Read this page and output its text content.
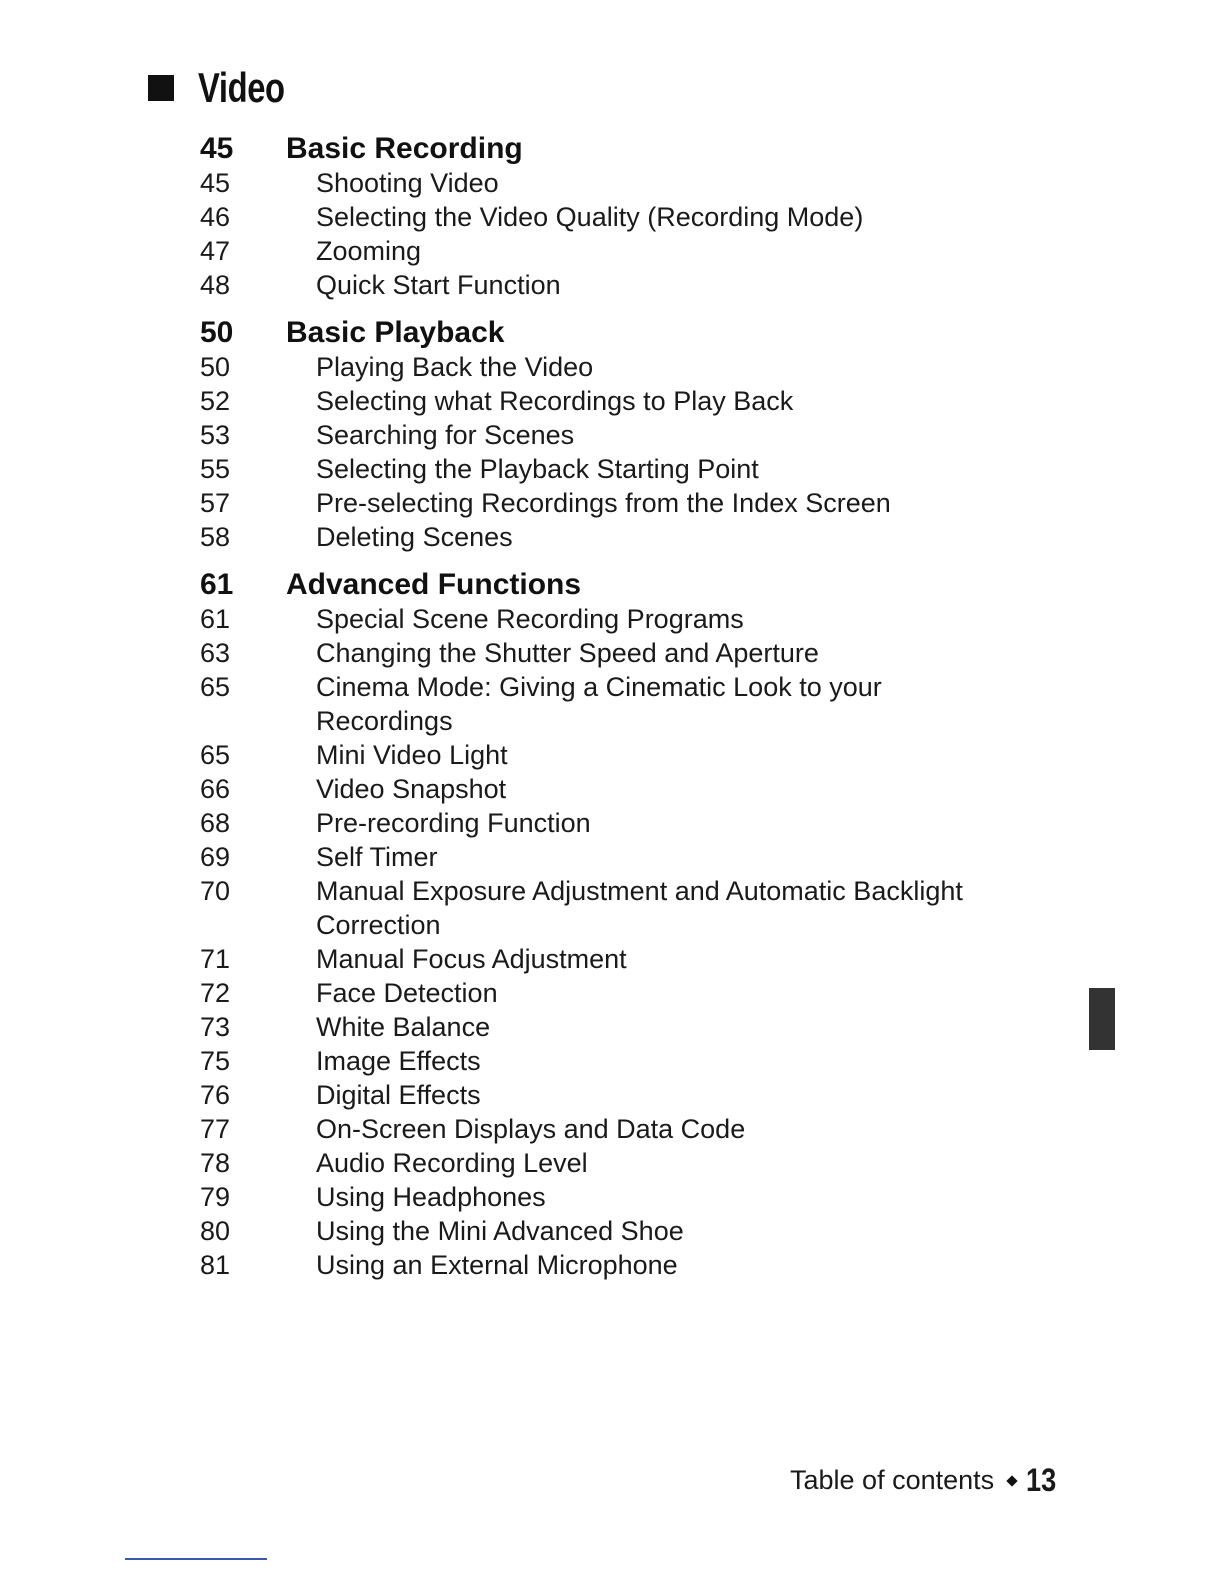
Video
45	Basic Recording
45	Shooting Video
46	Selecting the Video Quality (Recording Mode)
47	Zooming
48	Quick Start Function
50	Basic Playback
50	Playing Back the Video
52	Selecting what Recordings to Play Back
53	Searching for Scenes
55	Selecting the Playback Starting Point
57	Pre-selecting Recordings from the Index Screen
58	Deleting Scenes
61	Advanced Functions
61	Special Scene Recording Programs
63	Changing the Shutter Speed and Aperture
65	Cinema Mode: Giving a Cinematic Look to your Recordings
65	Mini Video Light
66	Video Snapshot
68	Pre-recording Function
69	Self Timer
70	Manual Exposure Adjustment and Automatic Backlight Correction
71	Manual Focus Adjustment
72	Face Detection
73	White Balance
75	Image Effects
76	Digital Effects
77	On-Screen Displays and Data Code
78	Audio Recording Level
79	Using Headphones
80	Using the Mini Advanced Shoe
81	Using an External Microphone
Table of contents 13
